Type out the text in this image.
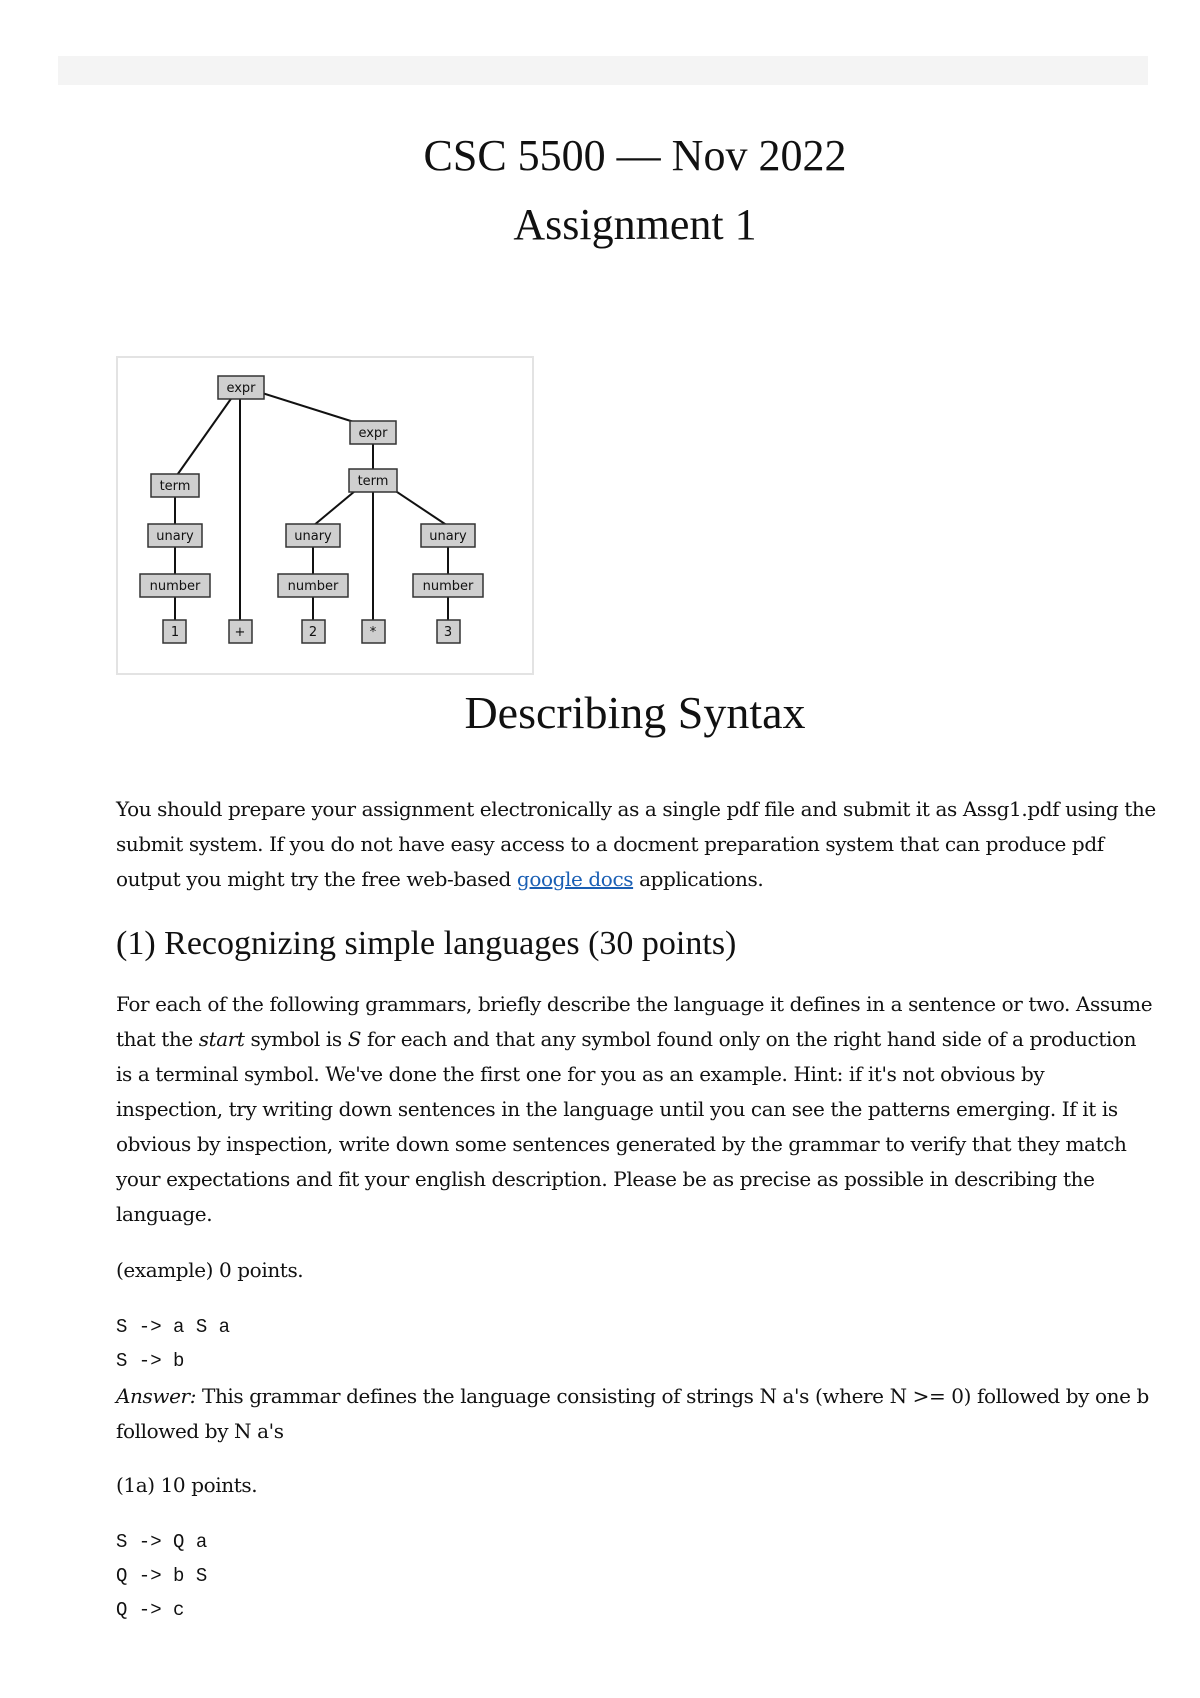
CSC 5500 — Nov 2022
Assignment 1
expr
expr
term	term
unary	unary	unary
number	number	number
1	+	2	*	3
Describing Syntax

You should prepare your assignment electronically as a single pdf file and submit it as Assg1.pdf using the submit system. If you do not have easy access to a docment preparation system that can produce pdf output you might try the free web-based google docs applications.

(1) Recognizing simple languages (30 points)

For each of the following grammars, briefly describe the language it defines in a sentence or two. Assume that the start symbol is S for each and that any symbol found only on the right hand side of a production is a terminal symbol. We've done the first one for you as an example. Hint: if it's not obvious by inspection, try writing down sentences in the language until you can see the patterns emerging. If it is obvious by inspection, write down some sentences generated by the grammar to verify that they match your expectations and fit your english description. Please be as precise as possible in describing the language.

(example) 0 points.

S -> a S a
S -> b

Answer: This grammar defines the language consisting of strings N a's (where N >= 0) followed by one b followed by N a's

(1a) 10 points.

S -> Q a
Q -> b S
Q -> c
